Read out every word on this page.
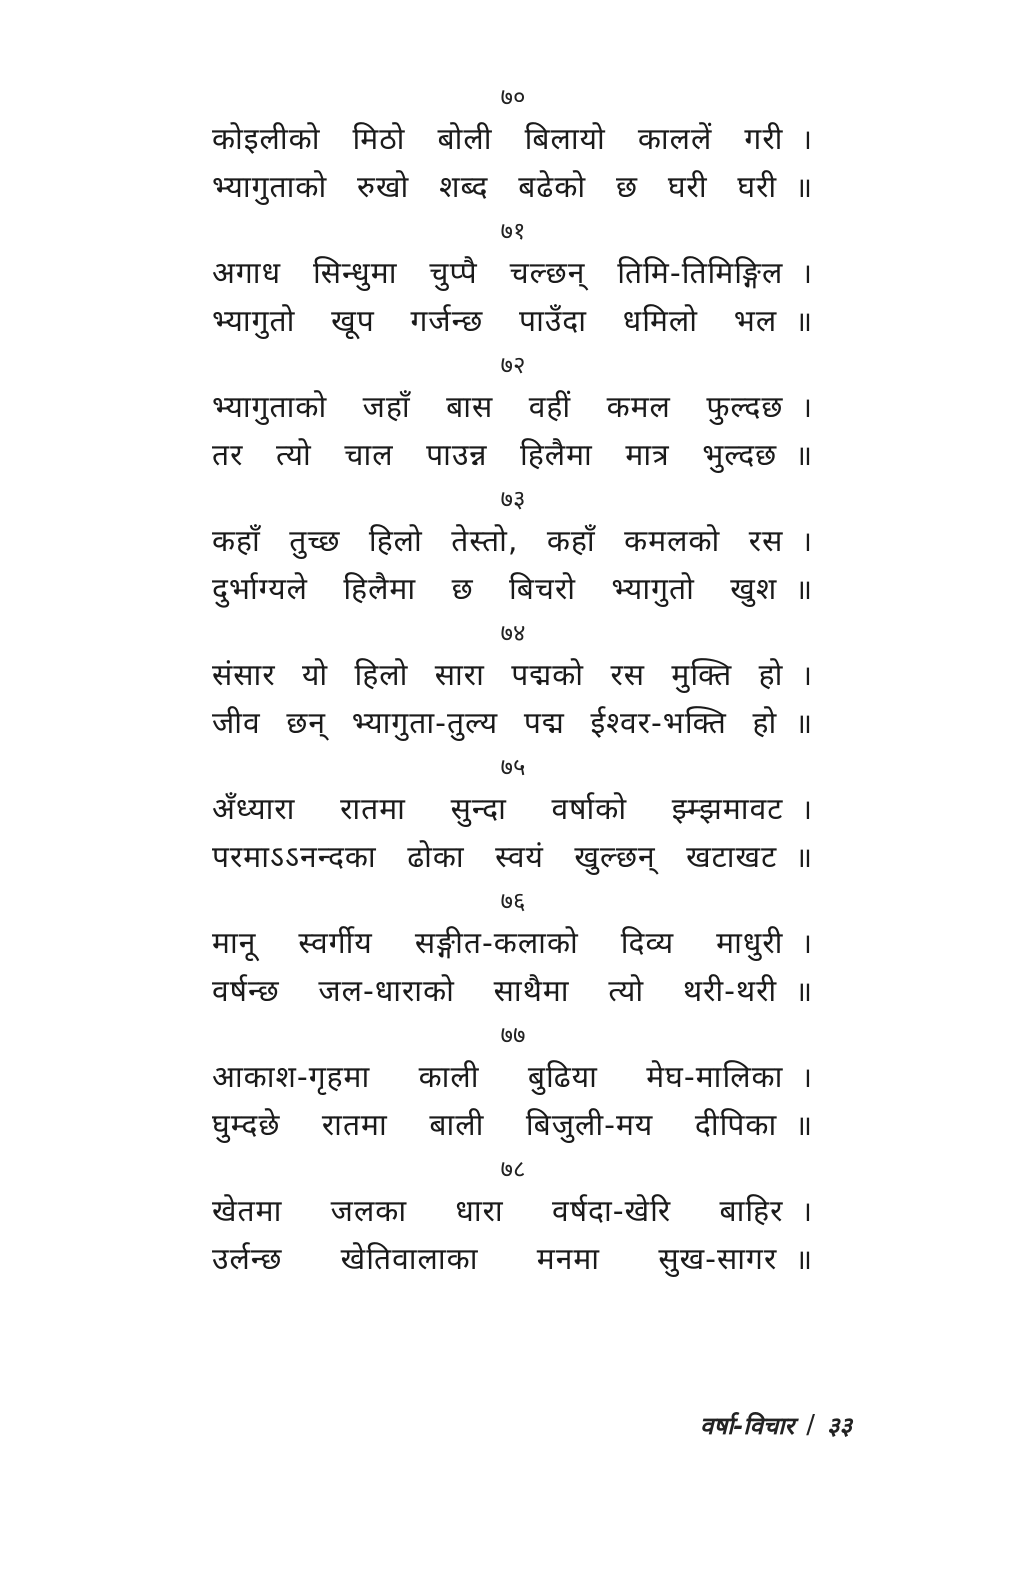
७०
कोइलीको मिठो बोली बिलायो काललें गरी ।
भ्यागुताको रुखो शब्द बढेको छ घरी घरी ॥
७१
अगाध सिन्धुमा चुप्पै चल्छन् तिमि-तिमिङ्गिल ।
भ्यागुतो खूप गर्जन्छ पाउँदा धमिलो भल ॥
७२
भ्यागुताको जहाँ बास वहीं कमल फुल्दछ ।
तर त्यो चाल पाउन्न हिलैमा मात्र भुल्दछ ॥
७३
कहाँ तुच्छ हिलो तेस्तो, कहाँ कमलको रस ।
दुर्भाग्यले हिलैमा छ बिचरो भ्यागुतो खुश ॥
७४
संसार यो हिलो सारा पद्मको रस मुक्ति हो ।
जीव छन् भ्यागुता-तुल्य पद्म ईश्वर-भक्ति हो ॥
७५
अँध्यारा रातमा सुन्दा वर्षाको झ्म्झमावट ।
परमाऽऽनन्दका ढोका स्वयं खुल्छन् खटाखट ॥
७६
मानू स्वर्गीय सङ्गीत-कलाको दिव्य माधुरी ।
वर्षन्छ जल-धाराको साथैमा त्यो थरी-थरी ॥
७७
आकाश-गृहमा काली बुढिया मेघ-मालिका ।
घुम्दछे रातमा बाली बिजुली-मय दीपिका ॥
७८
खेतमा जलका धारा वर्षदा-खेरि बाहिर ।
उर्लन्छ खेतिवालाका मनमा सुख-सागर ॥
वर्षा-विचार / ३३
